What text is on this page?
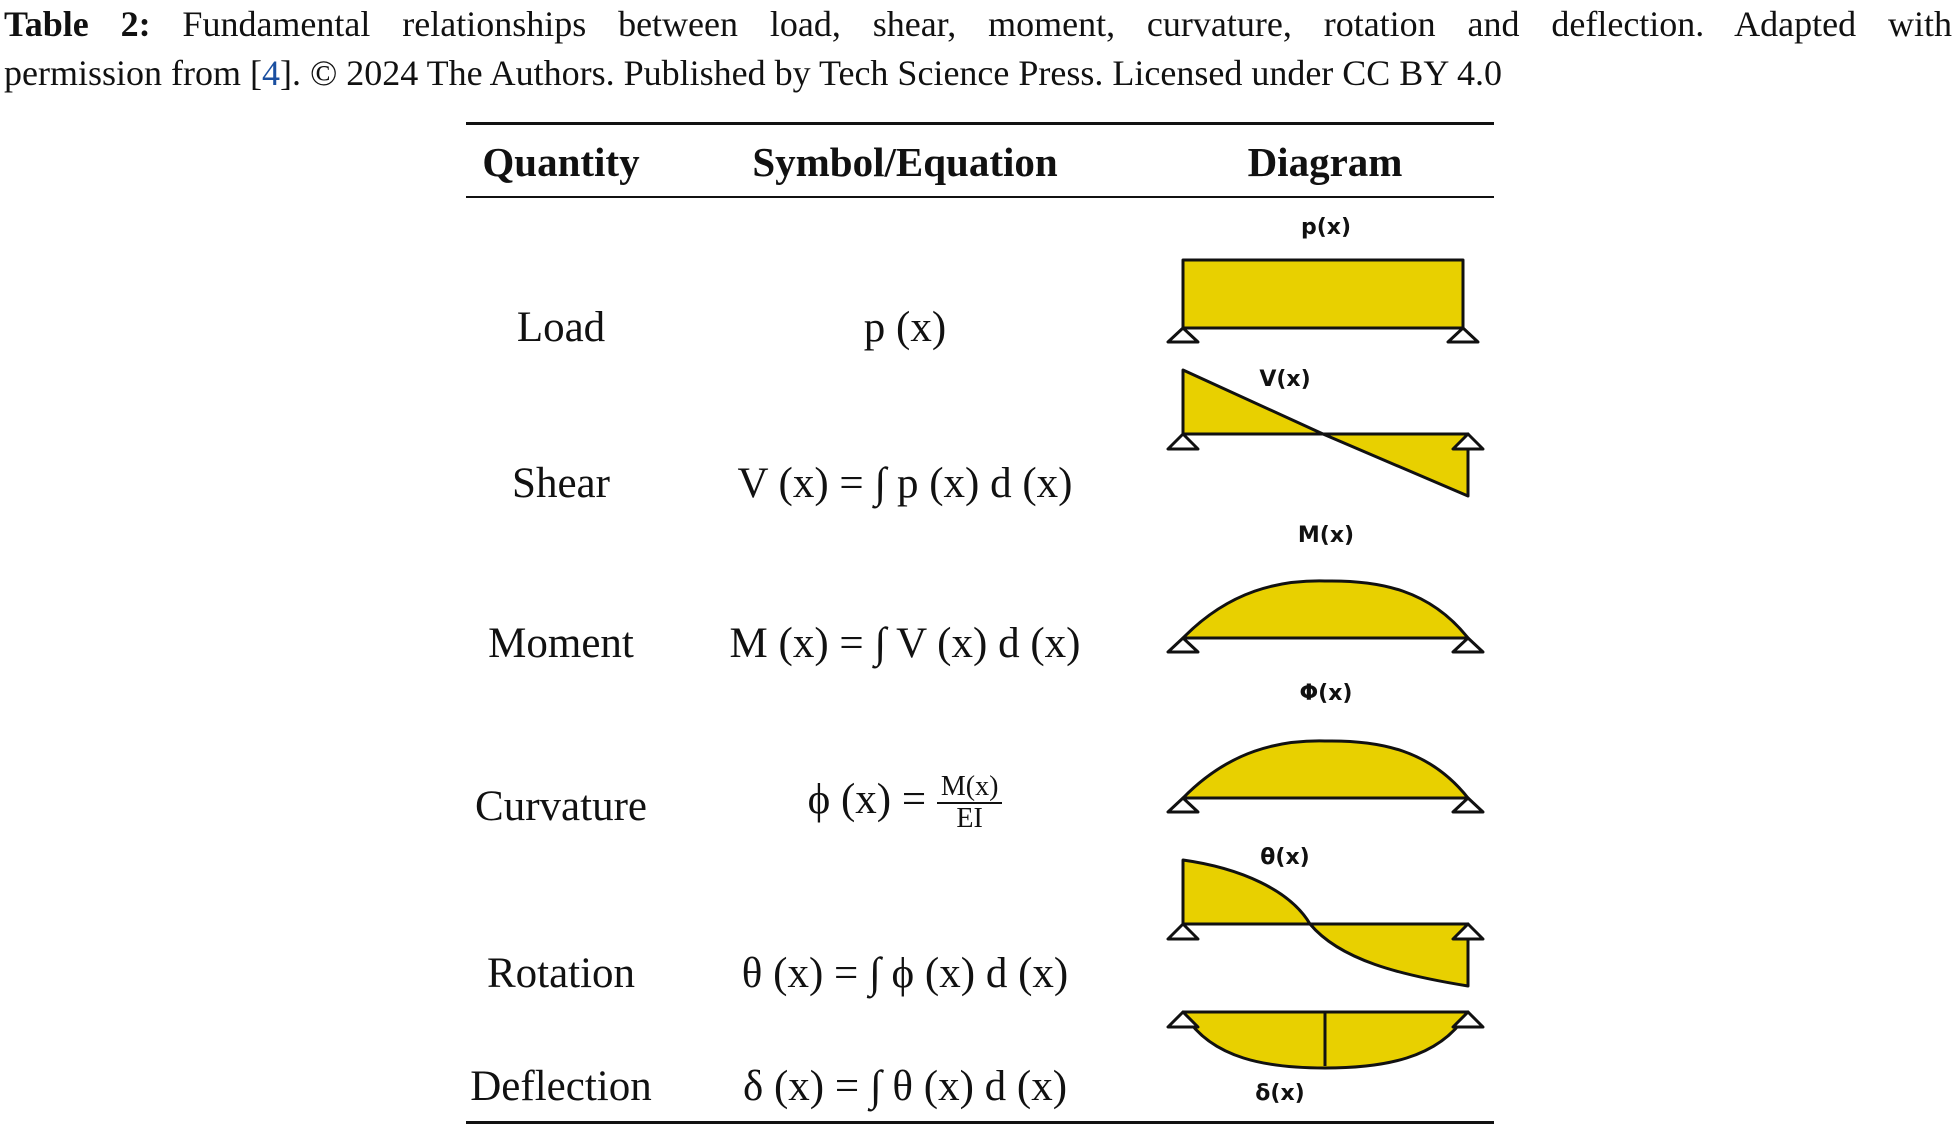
Table 2: Fundamental relationships between load, shear, moment, curvature, rotation and deflection. Adapted with
permission from [4]. © 2024 The Authors. Published by Tech Science Press. Licensed under CC BY 4.0
Quantity	Symbol/Equation	Diagram
Load
Shear
Moment
Curvature
Rotation
Deflection
p (x)
V (x) = ∫ p (x) d (x)
M (x) = ∫ V (x) d (x)
ϕ $(x) = \frac{M(x)}{EI}$
θ (x) = ∫ ϕ (x) d (x)
δ (x) = ∫ θ (x) d (x)
p(x)
V(x)
M(x)
Φ(x)
θ(x)
δ(x)
